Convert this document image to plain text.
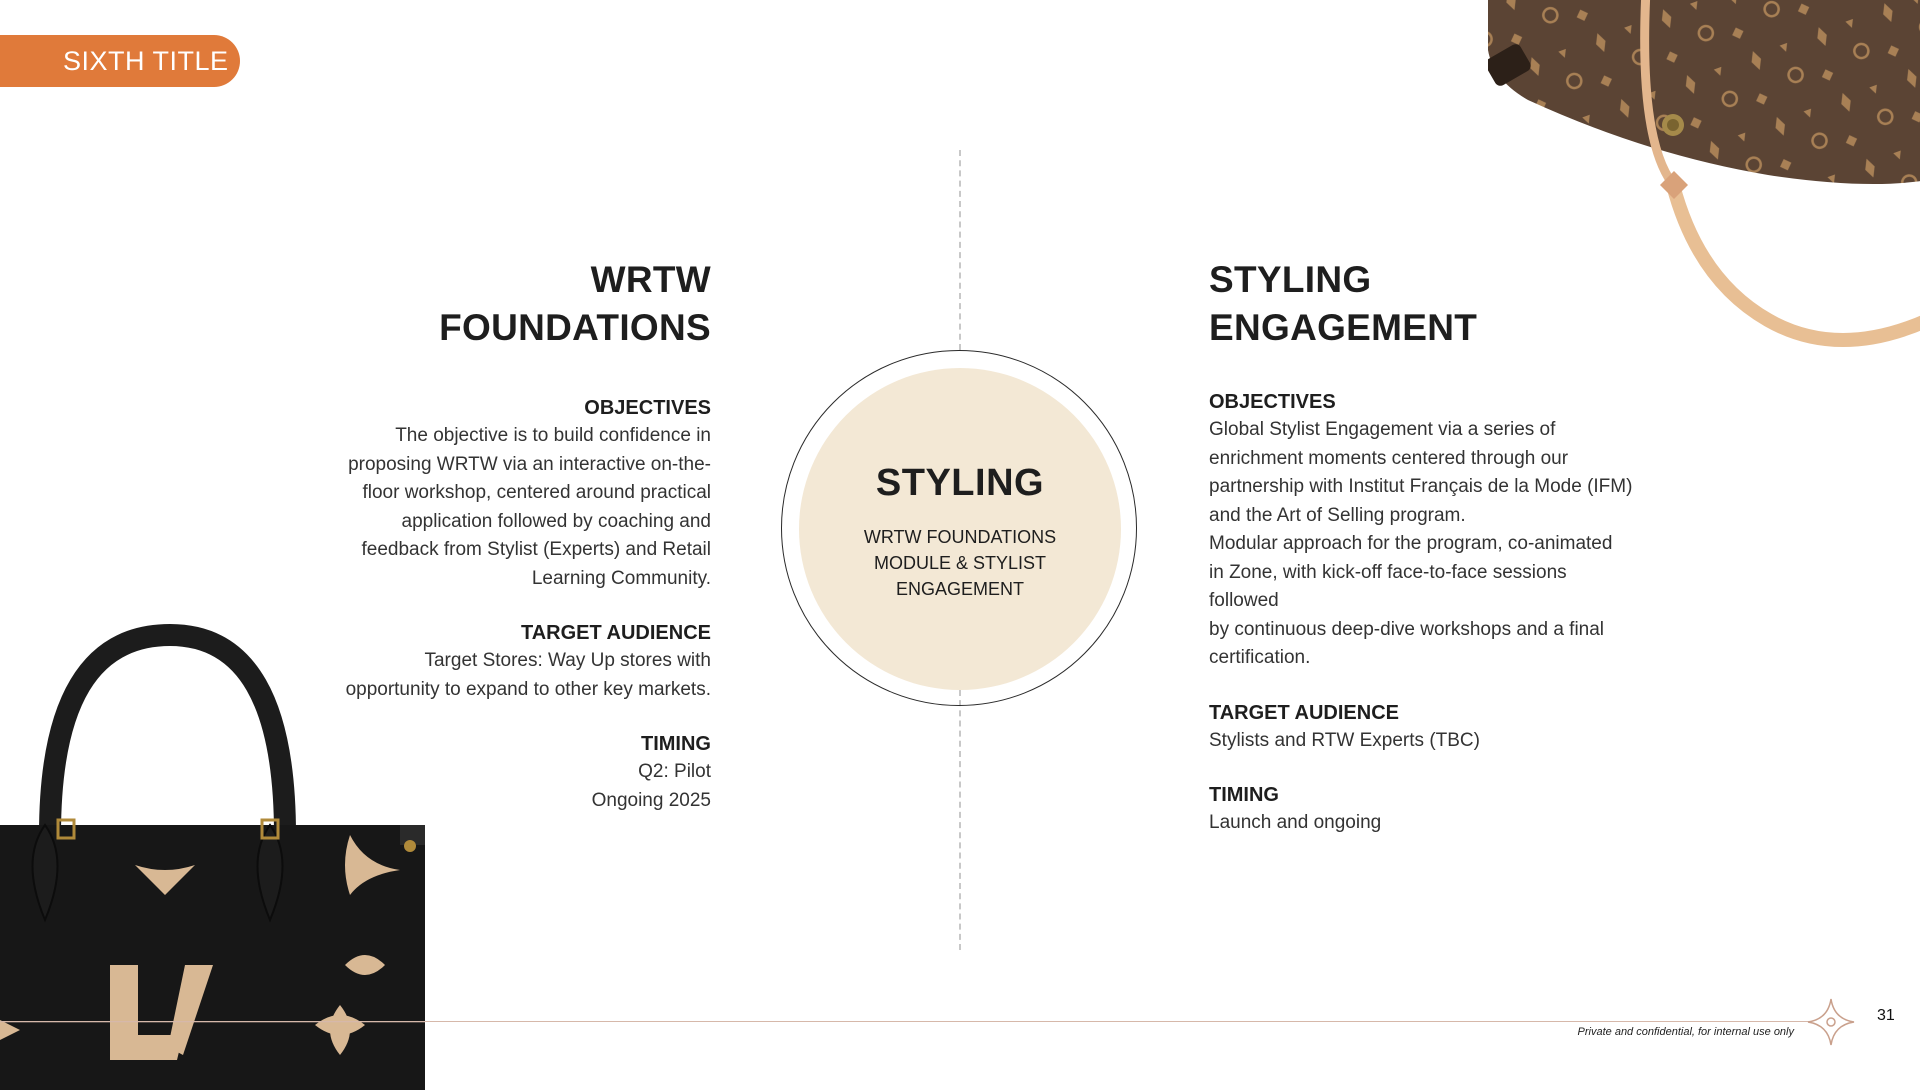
SIXTH TITLE
STYLING
WRTW FOUNDATIONS
MODULE & STYLIST
ENGAGEMENT
WRTW
FOUNDATIONS
OBJECTIVES

The objective is to build confidence in
proposing WRTW via an interactive on-the-
floor workshop, centered around practical
application followed by coaching and
feedback from Stylist (Experts) and Retail
Learning Community.

TARGET AUDIENCE

Target Stores: Way Up stores with
opportunity to expand to other key markets.

TIMING

Q2: Pilot
Ongoing 2025

STYLING
ENGAGEMENT
OBJECTIVES

Global Stylist Engagement via a series of
enrichment moments centered through our
partnership with Institut Français de la Mode (IFM)
and the Art of Selling program.
Modular approach for the program, co-animated
in Zone, with kick-off face-to-face sessions followed
by continuous deep-dive workshops and a final
certification.

TARGET AUDIENCE

Stylists and RTW Experts (TBC)

TIMING

Launch and ongoing

Private and confidential, for internal use only
31
